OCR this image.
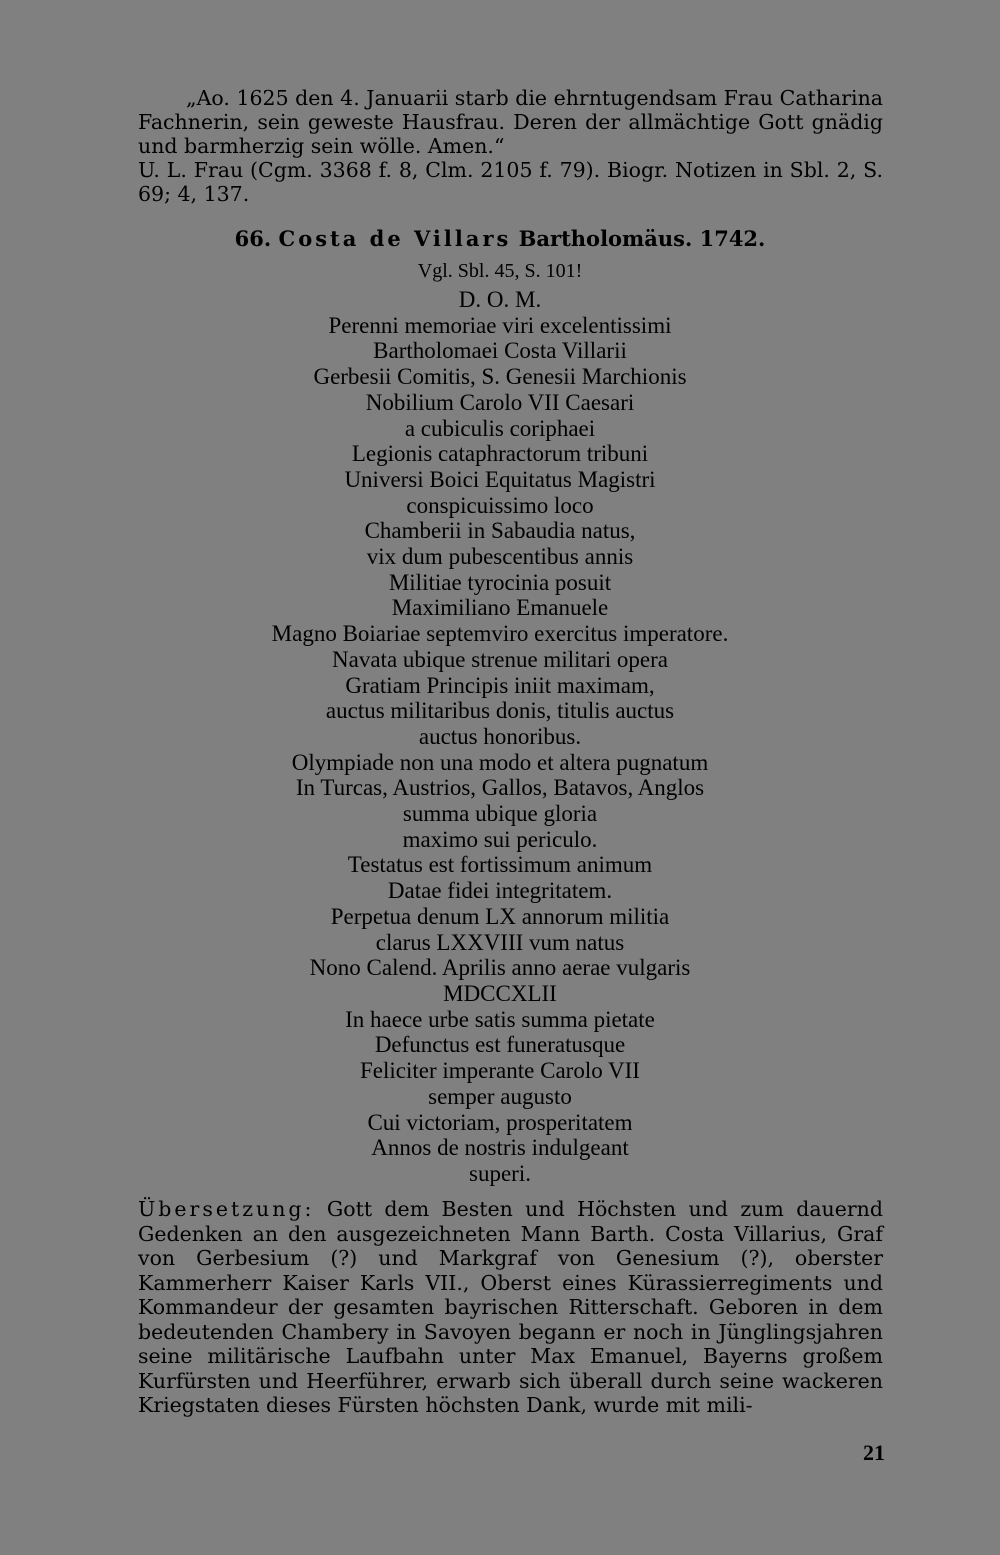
„Ao. 1625 den 4. Januarii starb die ehrntugendsam Frau Catharina Fachnerin, sein geweste Hausfrau. Deren der allmächtige Gott gnädig und barmherzig sein wölle. Amen.“

U. L. Frau (Cgm. 3368 f. 8, Clm. 2105 f. 79). Biogr. Notizen in Sbl. 2, S. 69; 4, 137.

66. Costa de Villars Bartholomäus. 1742.
Vgl. Sbl. 45, S. 101!
D. O. M.
Perenni memoriae viri excelentissimi
Bartholomaei Costa Villarii
Gerbesii Comitis, S. Genesii Marchionis
Nobilium Carolo VII Caesari
a cubiculis coriphaei
Legionis cataphractorum tribuni
Universi Boici Equitatus Magistri
conspicuissimo loco
Chamberii in Sabaudia natus,
vix dum pubescentibus annis
Militiae tyrocinia posuit
Maximiliano Emanuele
Magno Boiariae septemviro exercitus imperatore.
Navata ubique strenue militari opera
Gratiam Principis iniit maximam,
auctus militaribus donis, titulis auctus
auctus honoribus.
Olympiade non una modo et altera pugnatum
In Turcas, Austrios, Gallos, Batavos, Anglos
summa ubique gloria
maximo sui periculo.
Testatus est fortissimum animum
Datae fidei integritatem.
Perpetua denum LX annorum militia
clarus LXXVIII vum natus
Nono Calend. Aprilis anno aerae vulgaris
MDCCXLII
In haece urbe satis summa pietate
Defunctus est funeratusque
Feliciter imperante Carolo VII
semper augusto
Cui victoriam, prosperitatem
Annos de nostris indulgeant
superi.

Übersetzung: Gott dem Besten und Höchsten und zum dauernd Gedenken an den ausgezeichneten Mann Barth. Costa Villarius, Graf von Gerbesium (?) und Markgraf von Genesium (?), oberster Kammerherr Kaiser Karls VII., Oberst eines Kürassierregiments und Kommandeur der gesamten bayrischen Ritterschaft. Geboren in dem bedeutenden Chambery in Savoyen begann er noch in Jünglingsjahren seine militärische Laufbahn unter Max Emanuel, Bayerns großem Kurfürsten und Heerführer, erwarb sich überall durch seine wackeren Kriegstaten dieses Fürsten höchsten Dank, wurde mit mili-

21
